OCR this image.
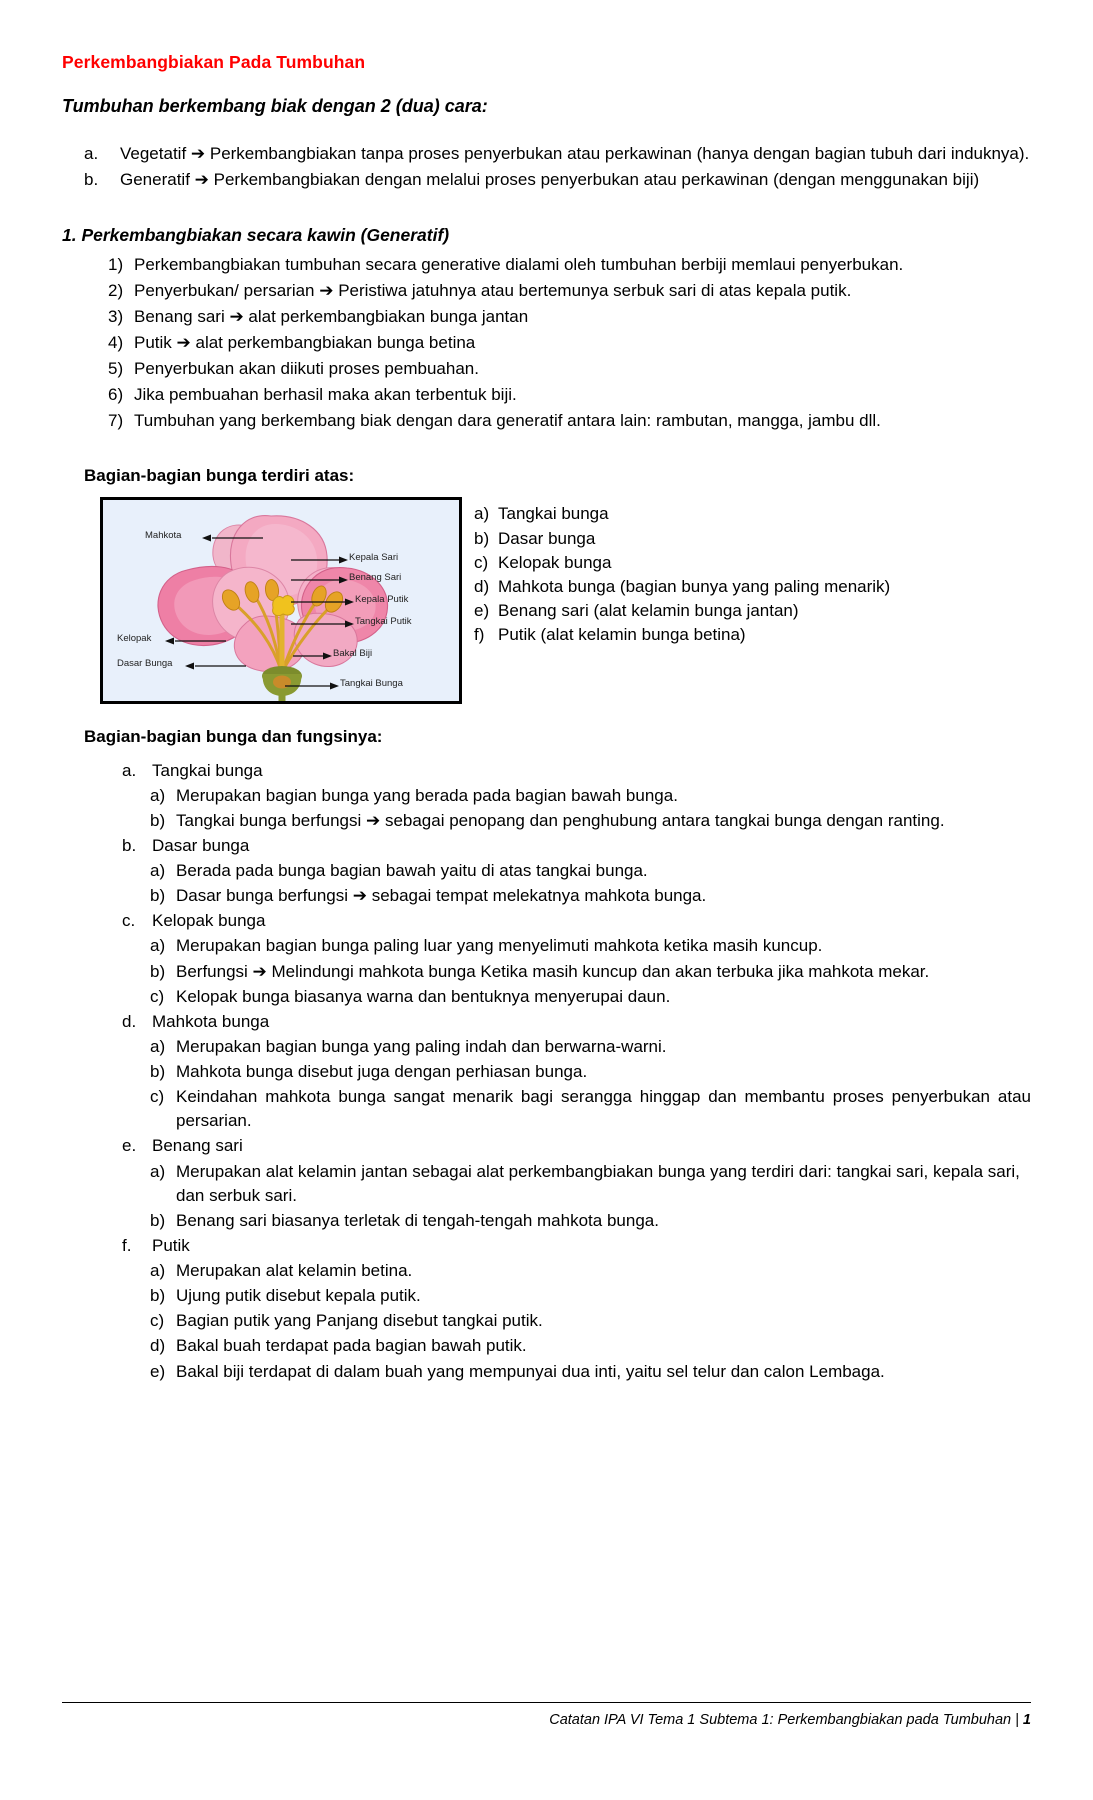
Perkembangbiakan Pada Tumbuhan
Tumbuhan berkembang biak dengan 2 (dua) cara:
a.	Vegetatif ➔ Perkembangbiakan tanpa proses penyerbukan atau perkawinan (hanya dengan bagian tubuh dari induknya).
b.	Generatif ➔ Perkembangbiakan dengan melalui proses penyerbukan atau perkawinan (dengan menggunakan biji)
1. Perkembangbiakan secara kawin (Generatif)
1) Perkembangbiakan tumbuhan secara generative dialami oleh tumbuhan berbiji memlaui penyerbukan.
2) Penyerbukan/ persarian ➔ Peristiwa jatuhnya atau bertemunya serbuk sari di atas kepala putik.
3) Benang sari ➔ alat perkembangbiakan bunga jantan
4) Putik ➔ alat perkembangbiakan bunga betina
5) Penyerbukan akan diikuti proses pembuahan.
6) Jika pembuahan berhasil maka akan terbentuk biji.
7) Tumbuhan yang berkembang biak dengan dara generatif antara lain: rambutan, mangga, jambu dll.
Bagian-bagian bunga terdiri atas:
Mahkota
Kelopak
Dasar Bunga
Kepala Sari
Benang Sari
Kepala Putik
Tangkai Putik
Bakal Biji
Tangkai Bunga
a) Tangkai bunga
b) Dasar bunga
c) Kelopak bunga
d) Mahkota bunga (bagian bunya yang paling menarik)
e) Benang sari (alat kelamin bunga jantan)
f) Putik (alat kelamin bunga betina)
Bagian-bagian bunga dan fungsinya:
a. Tangkai bunga
a) Merupakan bagian bunga yang berada pada bagian bawah bunga.
b) Tangkai bunga berfungsi ➔ sebagai penopang dan penghubung antara tangkai bunga dengan ranting.
b. Dasar bunga
a) Berada pada bunga bagian bawah yaitu di atas tangkai bunga.
b) Dasar bunga berfungsi ➔ sebagai tempat melekatnya mahkota bunga.
c. Kelopak bunga
a) Merupakan bagian bunga paling luar yang menyelimuti mahkota ketika masih kuncup.
b) Berfungsi ➔ Melindungi mahkota bunga Ketika masih kuncup dan akan terbuka jika mahkota mekar.
c) Kelopak bunga biasanya warna dan bentuknya menyerupai daun.
d. Mahkota bunga
a) Merupakan bagian bunga yang paling indah dan berwarna-warni.
b) Mahkota bunga disebut juga dengan perhiasan bunga.
c) Keindahan mahkota bunga sangat menarik bagi serangga hinggap dan membantu proses penyerbukan atau persarian.
e. Benang sari
a) Merupakan alat kelamin jantan sebagai alat perkembangbiakan bunga yang terdiri dari: tangkai sari, kepala sari, dan serbuk sari.
b) Benang sari biasanya terletak di tengah-tengah mahkota bunga.
f.	Putik
a) Merupakan alat kelamin betina.
b) Ujung putik disebut kepala putik.
c) Bagian putik yang Panjang disebut tangkai putik.
d) Bakal buah terdapat pada bagian bawah putik.
e) Bakal biji terdapat di dalam buah yang mempunyai dua inti, yaitu sel telur dan calon Lembaga.
Catatan IPA VI Tema 1 Subtema 1: Perkembangbiakan pada Tumbuhan | 1
